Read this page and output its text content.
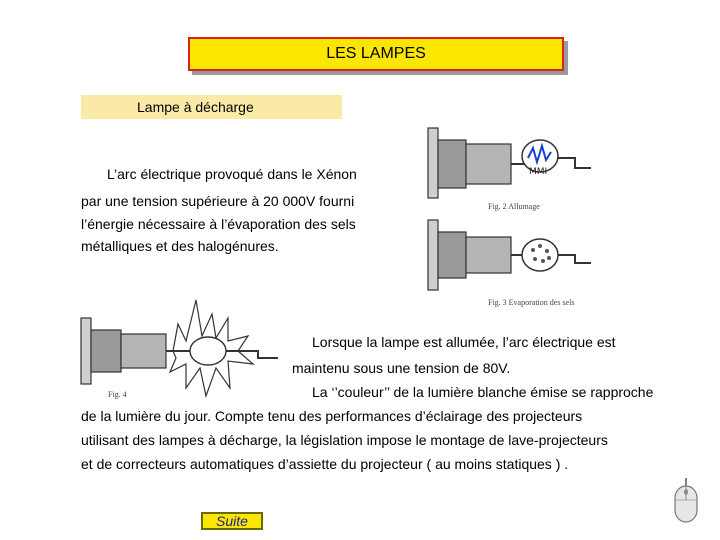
LES LAMPES
Lampe à décharge
L’arc électrique provoqué dans le Xénon
par une tension supérieure à 20 000V fourni
l’énergie nécessaire à l’évaporation des sels
métalliques et des halogénures.
Lorsque la lampe est allumée, l’arc électrique est
maintenu sous une tension de 80V.
La ‘’couleur’’ de la lumière blanche émise se rapproche
de la lumière du jour. Compte tenu des performances d’éclairage des projecteurs
utilisant des lampes à décharge, la législation impose le montage de lave-projecteurs
et de correcteurs automatiques d’assiette du projecteur ( au moins statiques ) .
MMI
Fig. 2 Allumage
Fig. 3 Evaporation des sels
Fig. 4
Suite
